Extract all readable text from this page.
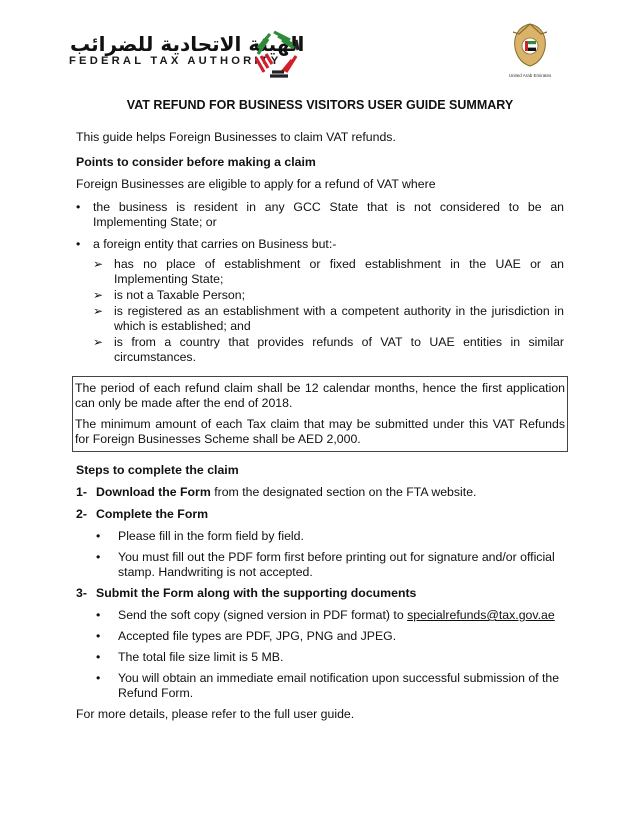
الهيئة الاتحادية للضرائب
FEDERAL TAX AUTHORITY
United Arab Emirates

VAT REFUND FOR BUSINESS VISITORS USER GUIDE SUMMARY

This guide helps Foreign Businesses to claim VAT refunds.

Points to consider before making a claim

Foreign Businesses are eligible to apply for a refund of VAT where

• the business is resident in any GCC State that is not considered to be an Implementing State; or
• a foreign entity that carries on Business but:-
➢ has no place of establishment or fixed establishment in the UAE or an Implementing State;
➢ is not a Taxable Person;
➢ is registered as an establishment with a competent authority in the jurisdiction in which is established; and
➢ is from a country that provides refunds of VAT to UAE entities in similar circumstances.

The period of each refund claim shall be 12 calendar months, hence the first application can only be made after the end of 2018.

The minimum amount of each Tax claim that may be submitted under this VAT Refunds for Foreign Businesses Scheme shall be AED 2,000.

Steps to complete the claim

1- Download the Form from the designated section on the FTA website.

2- Complete the Form

• Please fill in the form field by field.
• You must fill out the PDF form first before printing out for signature and/or official stamp. Handwriting is not accepted.

3- Submit the Form along with the supporting documents

• Send the soft copy (signed version in PDF format) to specialrefunds@tax.gov.ae
• Accepted file types are PDF, JPG, PNG and JPEG.
• The total file size limit is 5 MB.
• You will obtain an immediate email notification upon successful submission of the Refund Form.

For more details, please refer to the full user guide.
